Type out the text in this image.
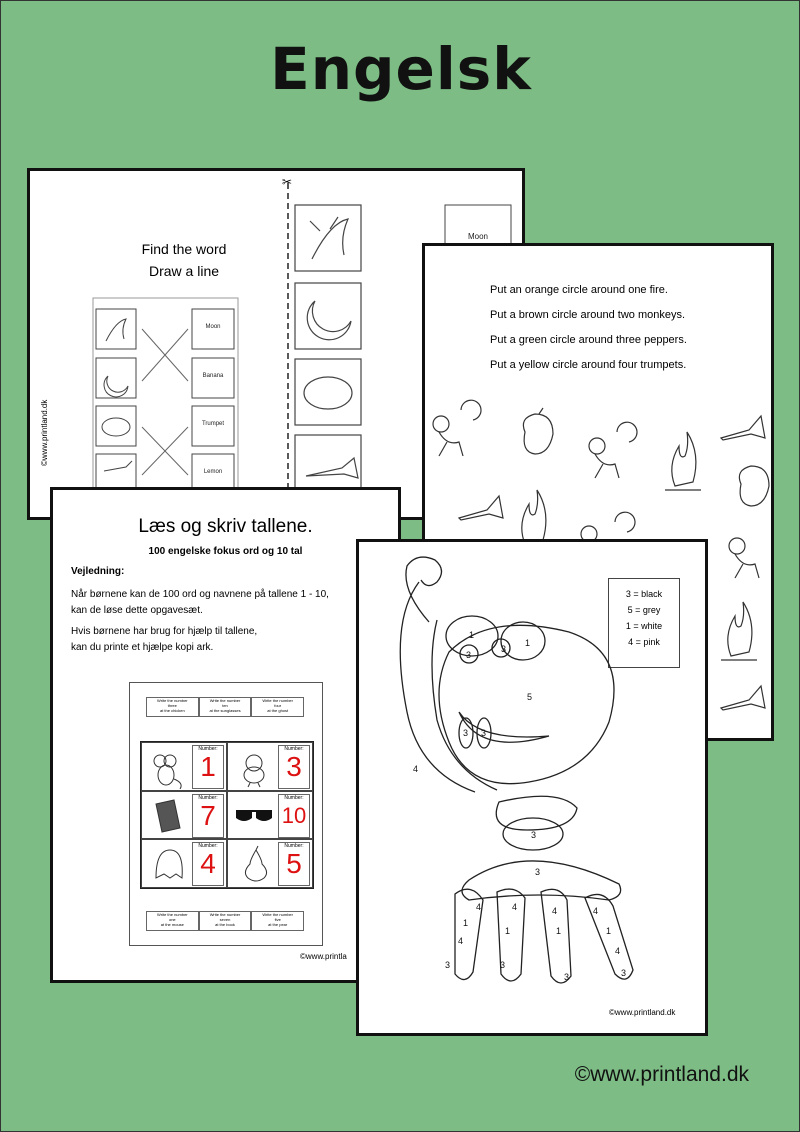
Engelsk
Find the word
Draw a line
©www.printland.dk
✂
Moon
Banana
Trumpet
Lemon
Moon
Put an orange circle around one fire.
Put a brown circle around two monkeys.
Put a green circle around three peppers.
Put a yellow circle around four trumpets.
Læs og skriv tallene.
100 engelske fokus ord og 10 tal
Vejledning:
Når børnene kan de 100 ord og navnene på tallene 1 - 10,
kan de løse dette opgavesæt.
Hvis børnene har brug for hjælp til tallene,
kan du printe et hjælpe kopi ark.
Write the number
three
at the chicken
Write the number
ten
at the sunglasses
Write the number
four
at the ghost
Number:
1
Number:
3
Number:
7
Number:
10
Number:
4
Number:
5
Write the number
one
at the mouse
Write the number
seven
at the book
Write the number
five
at the pear
©www.printla
3 = black
5 = grey
1 = white
4 = pink
1
1
3
3
5
3 3
4
3
3
4
1
4
3
4
1
3
4
1
3
4
1
4
3
©www.printland.dk
©www.printland.dk
